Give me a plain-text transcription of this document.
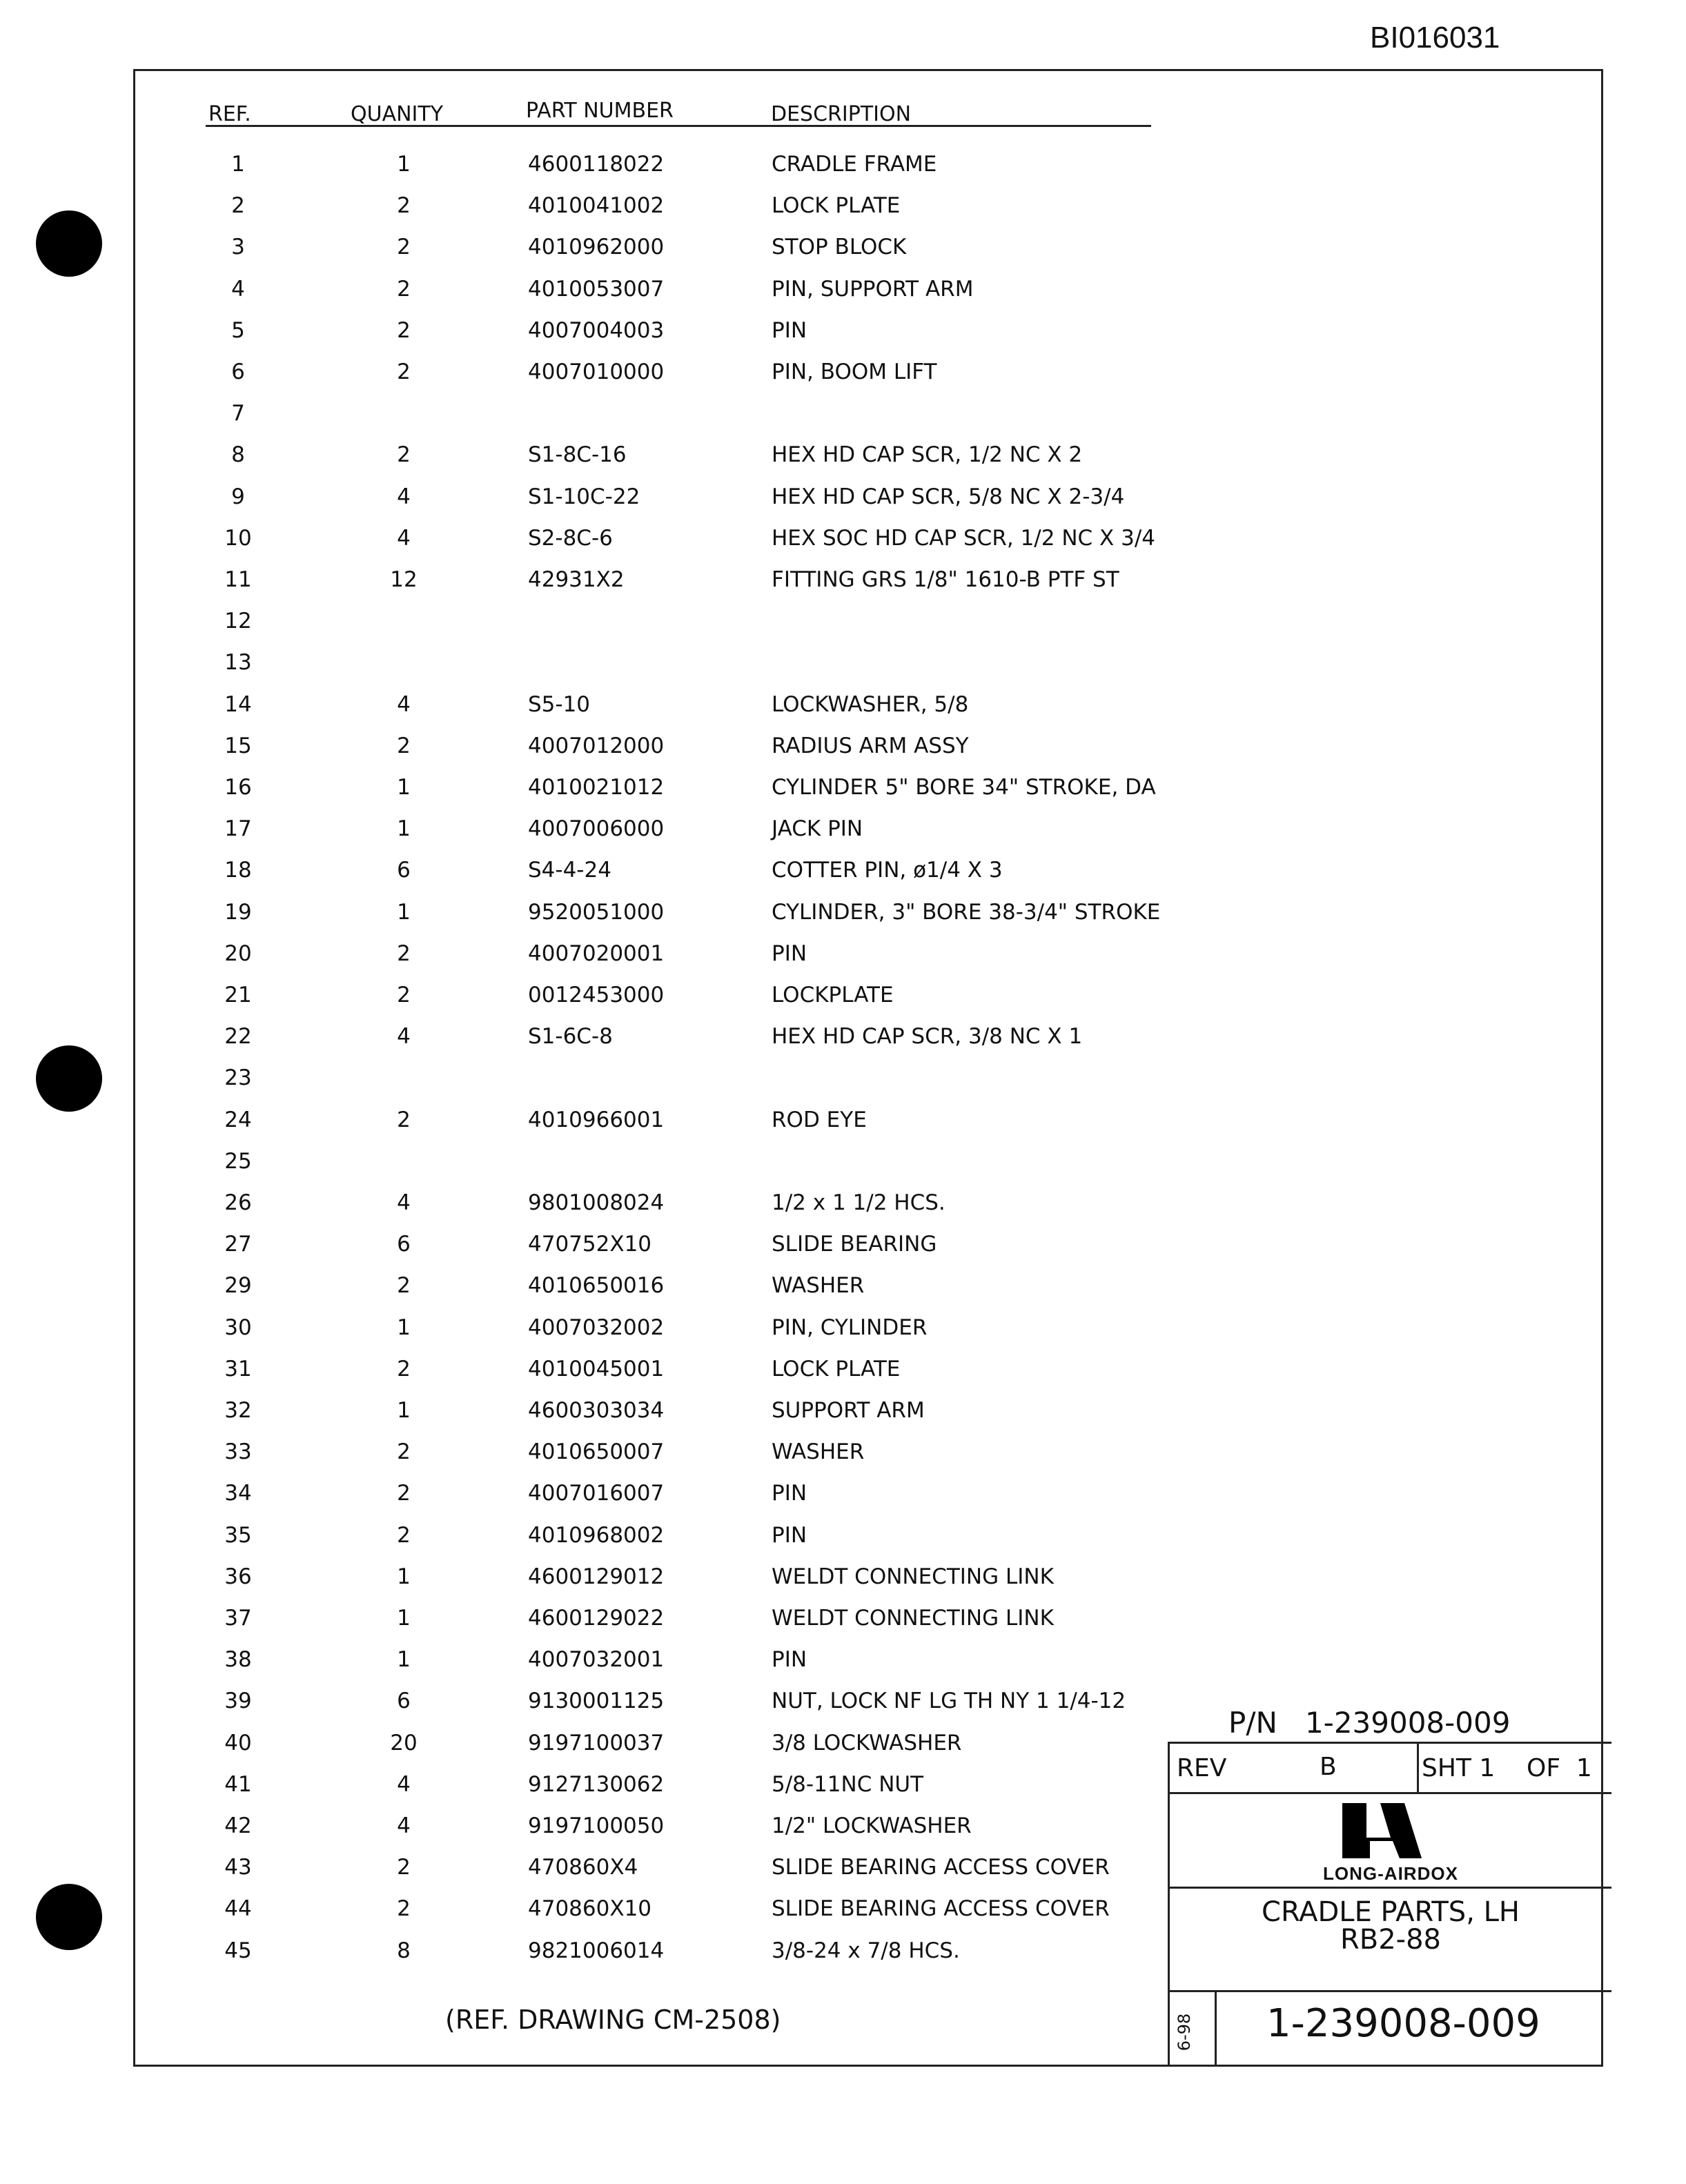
BI016031
REF.	QUANITY	PART NUMBER	DESCRIPTION
1	1	4600118022	CRADLE FRAME
2	2	4010041002	LOCK PLATE
3	2	4010962000	STOP BLOCK
4	2	4010053007	PIN, SUPPORT ARM
5	2	4007004003	PIN
6	2	4007010000	PIN, BOOM LIFT
7
8	2	S1-8C-16	HEX HD CAP SCR, 1/2 NC X 2
9	4	S1-10C-22	HEX HD CAP SCR, 5/8 NC X 2-3/4
10	4	S2-8C-6	HEX SOC HD CAP SCR, 1/2 NC X 3/4
11	12	42931X2	FITTING GRS 1/8" 1610-B PTF ST
12
13
14	4	S5-10	LOCKWASHER, 5/8
15	2	4007012000	RADIUS ARM ASSY
16	1	4010021012	CYLINDER 5" BORE 34" STROKE, DA
17	1	4007006000	JACK PIN
18	6	S4-4-24	COTTER PIN, ø1/4 X 3
19	1	9520051000	CYLINDER, 3" BORE 38-3/4" STROKE
20	2	4007020001	PIN
21	2	0012453000	LOCKPLATE
22	4	S1-6C-8	HEX HD CAP SCR, 3/8 NC X 1
23
24	2	4010966001	ROD EYE
25
26	4	9801008024	1/2 x 1 1/2 HCS.
27	6	470752X10	SLIDE BEARING
29	2	4010650016	WASHER
30	1	4007032002	PIN, CYLINDER
31	2	4010045001	LOCK PLATE
32	1	4600303034	SUPPORT ARM
33	2	4010650007	WASHER
34	2	4007016007	PIN
35	2	4010968002	PIN
36	1	4600129012	WELDT CONNECTING LINK
37	1	4600129022	WELDT CONNECTING LINK
38	1	4007032001	PIN
39	6	9130001125	NUT, LOCK NF LG TH NY 1 1/4-12
40	20	9197100037	3/8 LOCKWASHER
41	4	9127130062	5/8-11NC NUT
42	4	9197100050	1/2" LOCKWASHER
43	2	470860X4	SLIDE BEARING ACCESS COVER
44	2	470860X10	SLIDE BEARING ACCESS COVER
45	8	9821006014	3/8-24 x 7/8 HCS.
(REF. DRAWING CM-2508)
P/N   1-239008-009
REV	B	SHT 1 OF  1
LONG-AIRDOX
CRADLE PARTS, LH
RB2-88
6-98	1-239008-009
